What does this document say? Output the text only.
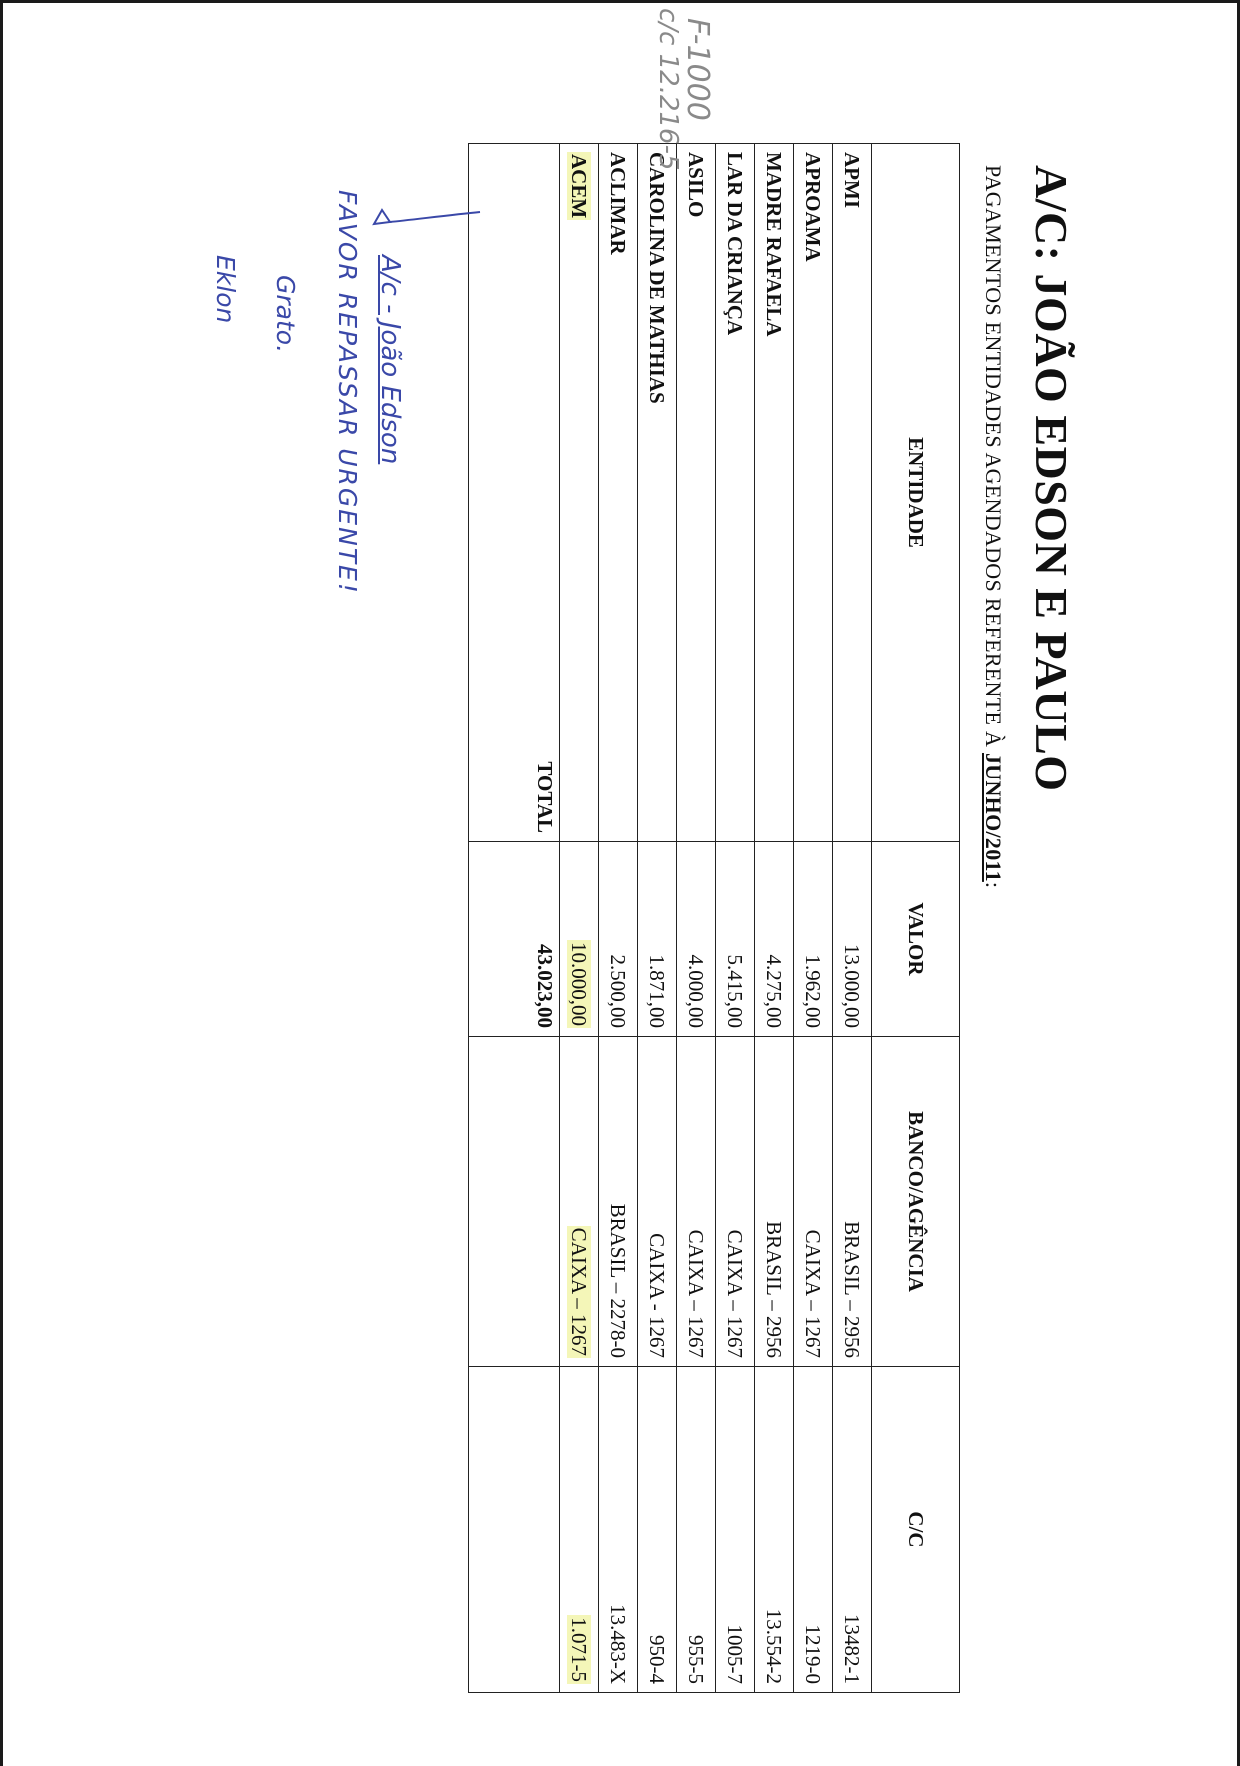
A/C: JOÃO EDSON E PAULO
PAGAMENTOS ENTIDADES AGENDADOS REFERENTE À JUNHO/2011:
ENTIDADE	VALOR	BANCO/AGÊNCIA	C/C
APMI	13.000,00	BRASIL – 2956	13482-1
APROAMA	1.962,00	CAIXA – 1267	1219-0
MADRE RAFAELA	4.275,00	BRASIL – 2956	13.554-2
LAR DA CRIANÇA	5.415,00	CAIXA – 1267	1005-7
ASILO	4.000,00	CAIXA – 1267	955-5
CAROLINA DE MATHIAS	1.871,00	CAIXA - 1267	950-4
ACLIMAR	2.500,00	BRASIL – 2278-0	13.483-X
ACEM	10.000,00	CAIXA – 1267	1.071-5
TOTAL	43.023,00		
F-1000
c/c 12.216-5
A/c - João Edson
FAVOR REPASSAR URGENTE!
Grato.
Eklon
